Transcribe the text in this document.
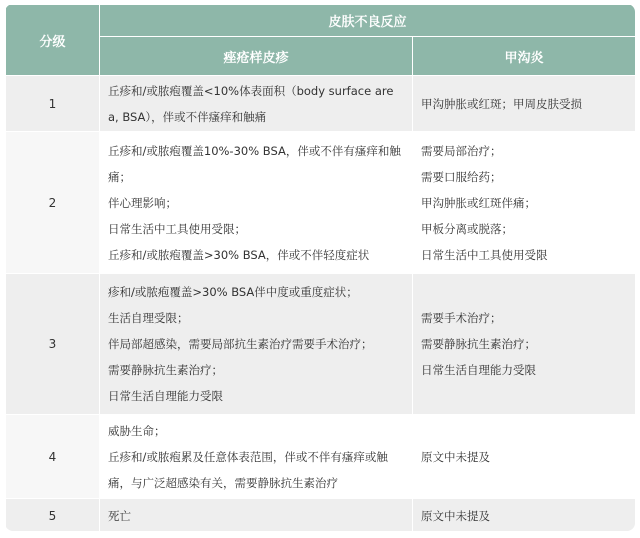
分级	皮肤不良反应	
	痤疮样皮疹	甲沟炎
1	丘疹和/或脓疱覆盖<10%体表面积（body surface area, BSA），伴或不伴瘙痒和触痛	甲沟肿胀或红斑；甲周皮肤受损

2	丘疹和/或脓疱覆盖10%-30% BSA，伴或不伴有瘙痒和触痛；
伴心理影响；
日常生活中工具使用受限；
丘疹和/或脓疱覆盖>30% BSA，伴或不伴轻度症状	需要局部治疗；
需要口服给药；
甲沟肿胀或红斑伴痛；
甲板分离或脱落；
日常生活中工具使用受限

3	疹和/或脓疱覆盖>30% BSA伴中度或重度症状；
生活自理受限；
伴局部超感染，需要局部抗生素治疗需要手术治疗；
需要静脉抗生素治疗；
日常生活自理能力受限	需要手术治疗；
需要静脉抗生素治疗；
日常生活自理能力受限

4	威胁生命；
丘疹和/或脓疱累及任意体表范围，伴或不伴有瘙痒或触痛，与广泛超感染有关，需要静脉抗生素治疗	原文中未提及

5	死亡	原文中未提及
